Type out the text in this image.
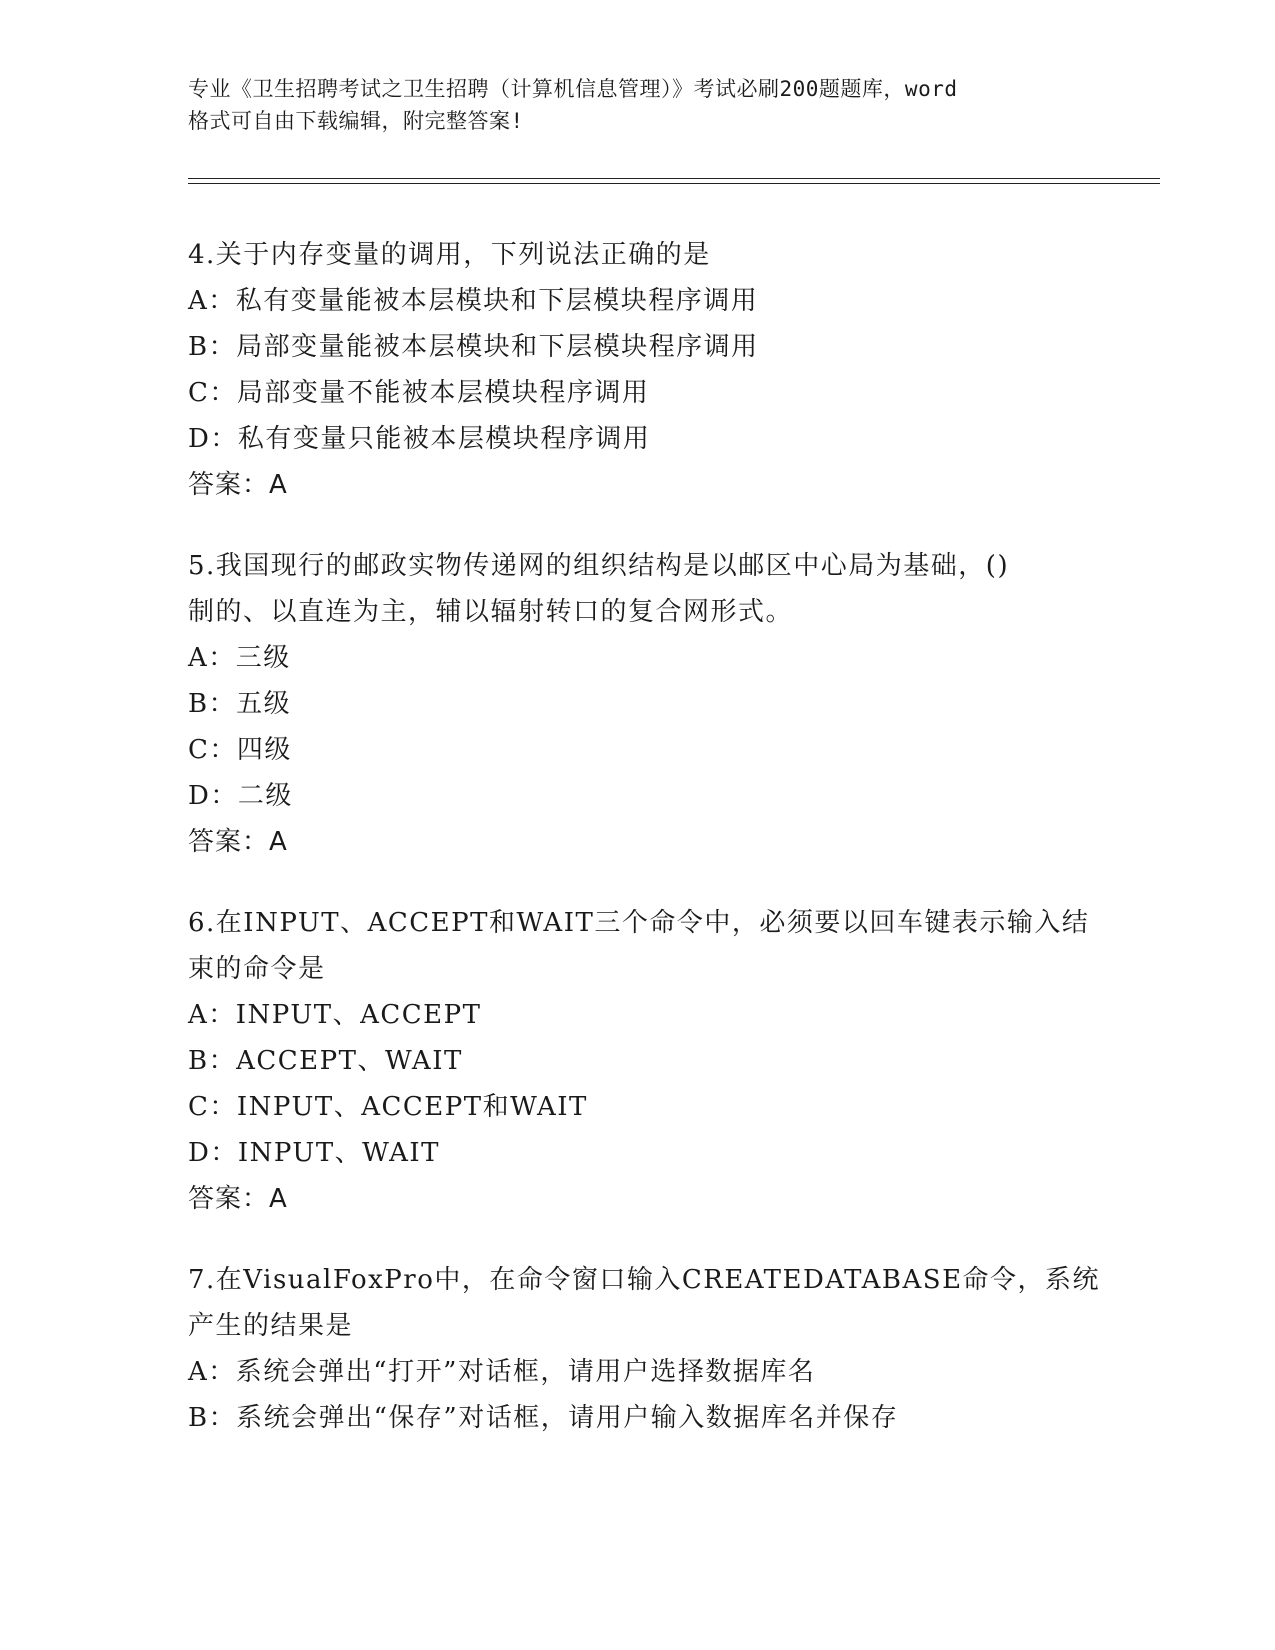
专业《卫生招聘考试之卫生招聘（计算机信息管理）》考试必刷200题题库，word
格式可自由下载编辑，附完整答案!
4.关于内存变量的调用，下列说法正确的是
A：私有变量能被本层模块和下层模块程序调用
B：局部变量能被本层模块和下层模块程序调用
C：局部变量不能被本层模块程序调用
D：私有变量只能被本层模块程序调用
答案：A
5.我国现行的邮政实物传递网的组织结构是以邮区中心局为基础，()
制的、以直连为主，辅以辐射转口的复合网形式。
A：三级
B：五级
C：四级
D：二级
答案：A
6.在INPUT、ACCEPT和WAIT三个命令中，必须要以回车键表示输入结
束的命令是
A：INPUT、ACCEPT
B：ACCEPT、WAIT
C：INPUT、ACCEPT和WAIT
D：INPUT、WAIT
答案：A
7.在VisualFoxPro中，在命令窗口输入CREATEDATABASE命令，系统
产生的结果是
A：系统会弹出“打开”对话框，请用户选择数据库名
B：系统会弹出“保存”对话框，请用户输入数据库名并保存
